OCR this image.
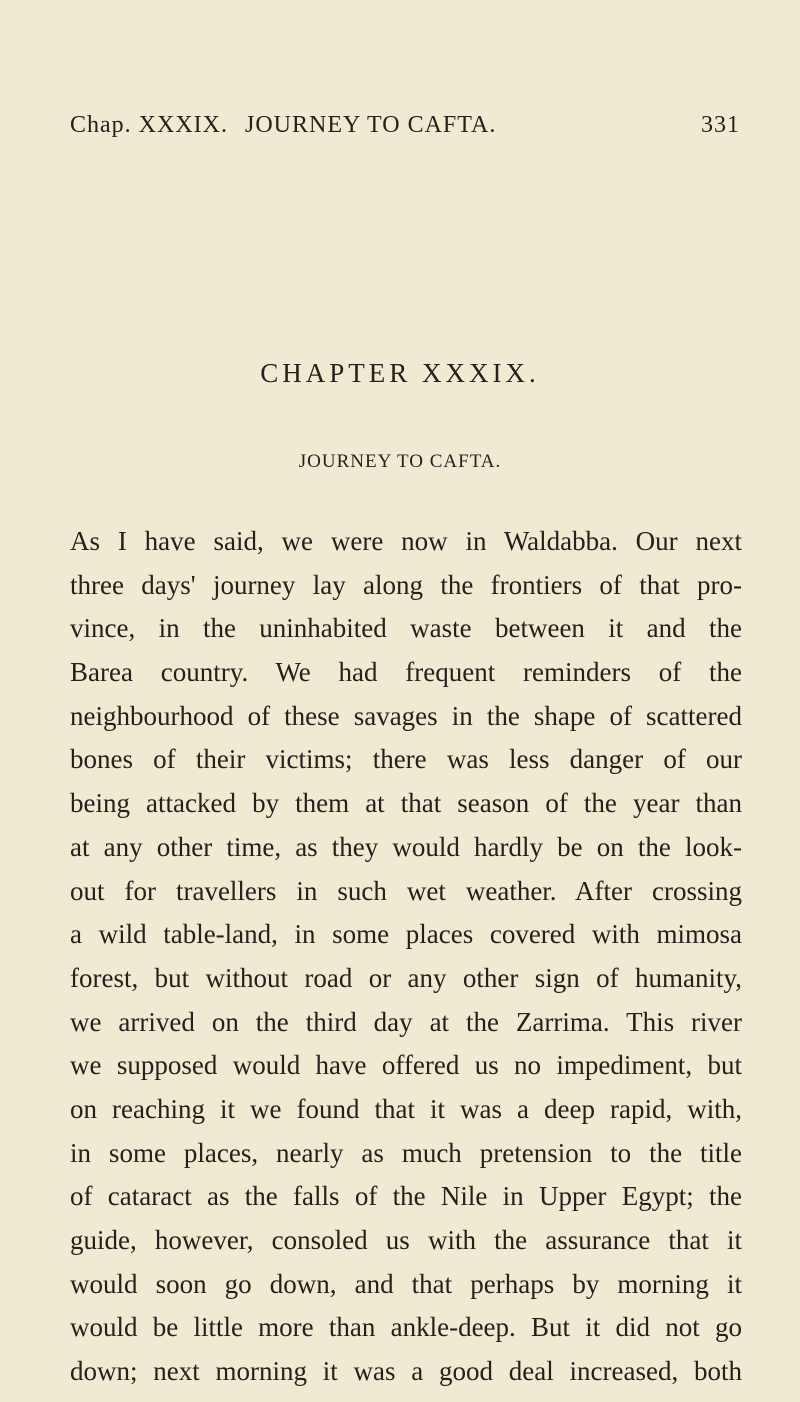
Chap. XXXIX. JOURNEY TO CAFTA.	331
CHAPTER XXXIX.
JOURNEY TO CAFTA.
As I have said, we were now in Waldabba. Our next
three days' journey lay along the frontiers of that pro-
vince, in the uninhabited waste between it and the
Barea country. We had frequent reminders of the
neighbourhood of these savages in the shape of scattered
bones of their victims; there was less danger of our
being attacked by them at that season of the year than
at any other time, as they would hardly be on the look-
out for travellers in such wet weather. After crossing
a wild table-land, in some places covered with mimosa
forest, but without road or any other sign of humanity,
we arrived on the third day at the Zarrima. This river
we supposed would have offered us no impediment, but
on reaching it we found that it was a deep rapid, with,
in some places, nearly as much pretension to the title
of cataract as the falls of the Nile in Upper Egypt; the
guide, however, consoled us with the assurance that it
would soon go down, and that perhaps by morning it
would be little more than ankle-deep. But it did not go
down; next morning it was a good deal increased, both
